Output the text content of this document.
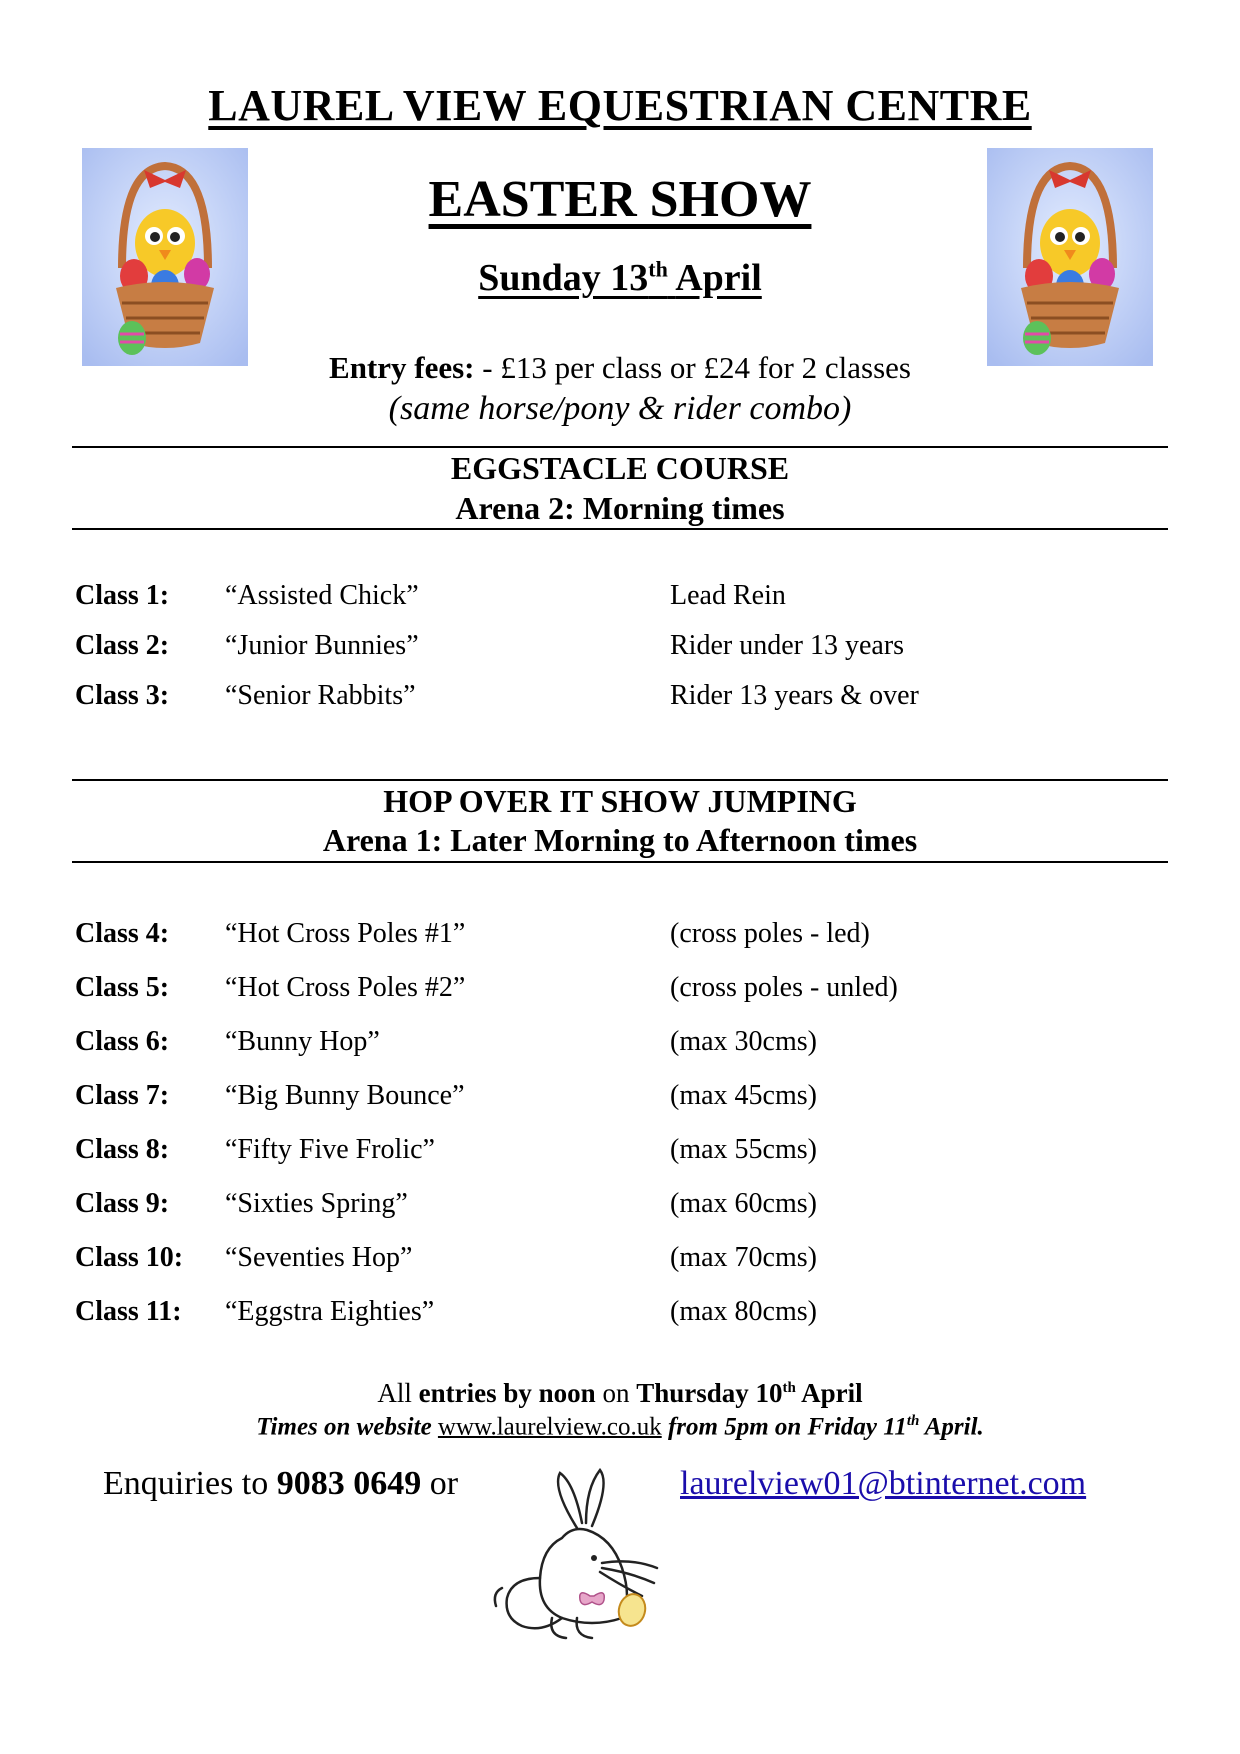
LAUREL VIEW EQUESTRIAN CENTRE
EASTER SHOW
Sunday 13th April
Entry fees: - £13 per class or £24 for 2 classes
(same horse/pony & rider combo)
EGGSTACLE COURSE
Arena 2: Morning times
Class 1: “Assisted Chick”	Lead Rein
Class 2: “Junior Bunnies”	Rider under 13 years
Class 3: “Senior Rabbits”	Rider 13 years & over
HOP OVER IT SHOW JUMPING
Arena 1: Later Morning to Afternoon times
Class 4: “Hot Cross Poles #1”	(cross poles - led)
Class 5: “Hot Cross Poles #2”	(cross poles - unled)
Class 6: “Bunny Hop”	(max 30cms)
Class 7: “Big Bunny Bounce”	(max 45cms)
Class 8: “Fifty Five Frolic”	(max 55cms)
Class 9: “Sixties Spring”	(max 60cms)
Class 10: “Seventies Hop”	(max 70cms)
Class 11: “Eggstra Eighties”	(max 80cms)
All entries by noon on Thursday 10th April
Times on website www.laurelview.co.uk from 5pm on Friday 11th April.
Enquiries to 9083 0649 or	laurelview01@btinternet.com
